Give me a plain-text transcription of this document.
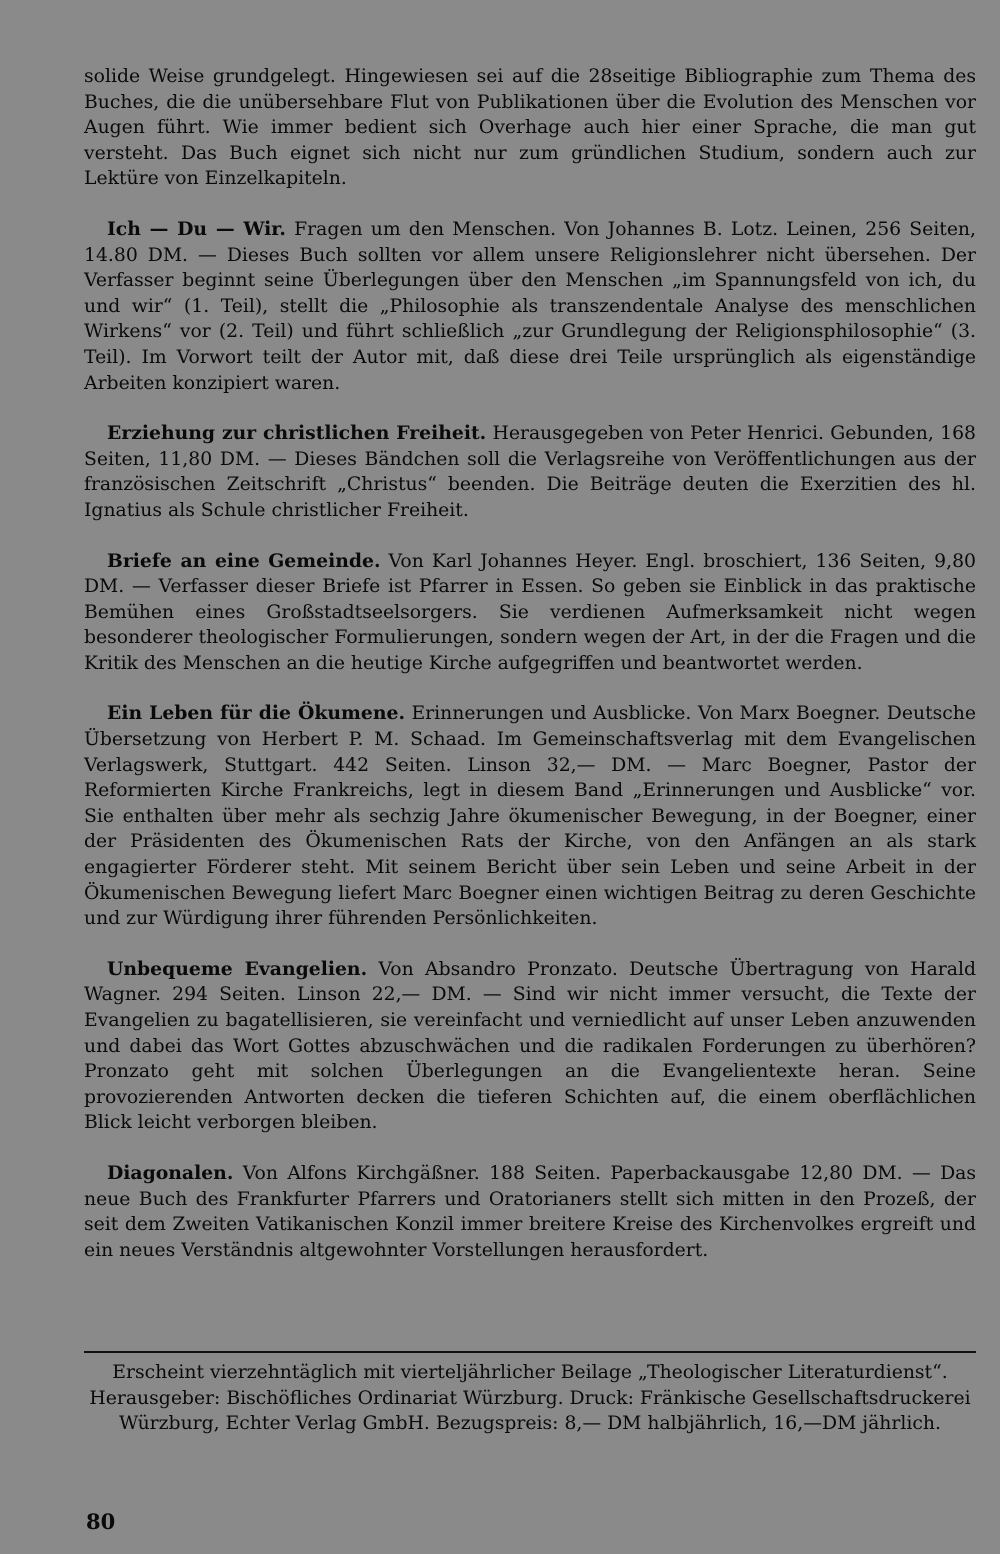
solide Weise grundgelegt. Hingewiesen sei auf die 28seitige Bibliographie zum Thema des Buches, die die unübersehbare Flut von Publikationen über die Evolution des Menschen vor Augen führt. Wie immer bedient sich Overhage auch hier einer Sprache, die man gut versteht. Das Buch eignet sich nicht nur zum gründlichen Studium, sondern auch zur Lektüre von Einzelkapiteln.

Ich — Du — Wir. Fragen um den Menschen. Von Johannes B. Lotz. Leinen, 256 Seiten, 14.80 DM. — Dieses Buch sollten vor allem unsere Religionslehrer nicht übersehen. Der Verfasser beginnt seine Überlegungen über den Menschen „im Spannungsfeld von ich, du und wir“ (1. Teil), stellt die „Philosophie als transzendentale Analyse des menschlichen Wirkens“ vor (2. Teil) und führt schließlich „zur Grundlegung der Religionsphilosophie“ (3. Teil). Im Vorwort teilt der Autor mit, daß diese drei Teile ursprünglich als eigenständige Arbeiten konzipiert waren.

Erziehung zur christlichen Freiheit. Herausgegeben von Peter Henrici. Gebunden, 168 Seiten, 11,80 DM. — Dieses Bändchen soll die Verlagsreihe von Veröffentlichungen aus der französischen Zeitschrift „Christus“ beenden. Die Beiträge deuten die Exerzitien des hl. Ignatius als Schule christlicher Freiheit.

Briefe an eine Gemeinde. Von Karl Johannes Heyer. Engl. broschiert, 136 Seiten, 9,80 DM. — Verfasser dieser Briefe ist Pfarrer in Essen. So geben sie Einblick in das praktische Bemühen eines Großstadtseelsorgers. Sie verdienen Aufmerksamkeit nicht wegen besonderer theologischer Formulierungen, sondern wegen der Art, in der die Fragen und die Kritik des Menschen an die heutige Kirche aufgegriffen und beantwortet werden.

Ein Leben für die Ökumene. Erinnerungen und Ausblicke. Von Marx Boegner. Deutsche Übersetzung von Herbert P. M. Schaad. Im Gemeinschaftsverlag mit dem Evangelischen Verlagswerk, Stuttgart. 442 Seiten. Linson 32,— DM. — Marc Boegner, Pastor der Reformierten Kirche Frankreichs, legt in diesem Band „Erinnerungen und Ausblicke“ vor. Sie enthalten über mehr als sechzig Jahre ökumenischer Bewegung, in der Boegner, einer der Präsidenten des Ökumenischen Rats der Kirche, von den Anfängen an als stark engagierter Förderer steht. Mit seinem Bericht über sein Leben und seine Arbeit in der Ökumenischen Bewegung liefert Marc Boegner einen wichtigen Beitrag zu deren Geschichte und zur Würdigung ihrer führenden Persönlichkeiten.

Unbequeme Evangelien. Von Absandro Pronzato. Deutsche Übertragung von Harald Wagner. 294 Seiten. Linson 22,— DM. — Sind wir nicht immer versucht, die Texte der Evangelien zu bagatellisieren, sie vereinfacht und verniedlicht auf unser Leben anzuwenden und dabei das Wort Gottes abzuschwächen und die radikalen Forderungen zu überhören? Pronzato geht mit solchen Überlegungen an die Evangelientexte heran. Seine provozierenden Antworten decken die tieferen Schichten auf, die einem oberflächlichen Blick leicht verborgen bleiben.

Diagonalen. Von Alfons Kirchgäßner. 188 Seiten. Paperbackausgabe 12,80 DM. — Das neue Buch des Frankfurter Pfarrers und Oratorianers stellt sich mitten in den Prozeß, der seit dem Zweiten Vatikanischen Konzil immer breitere Kreise des Kirchenvolkes ergreift und ein neues Verständnis altgewohnter Vorstellungen herausfordert.

Erscheint vierzehntäglich mit vierteljährlicher Beilage „Theologischer Literaturdienst“. Herausgeber: Bischöfliches Ordinariat Würzburg. Druck: Fränkische Gesellschaftsdruckerei Würzburg, Echter Verlag GmbH. Bezugspreis: 8,— DM halbjährlich, 16,—DM jährlich.

80
